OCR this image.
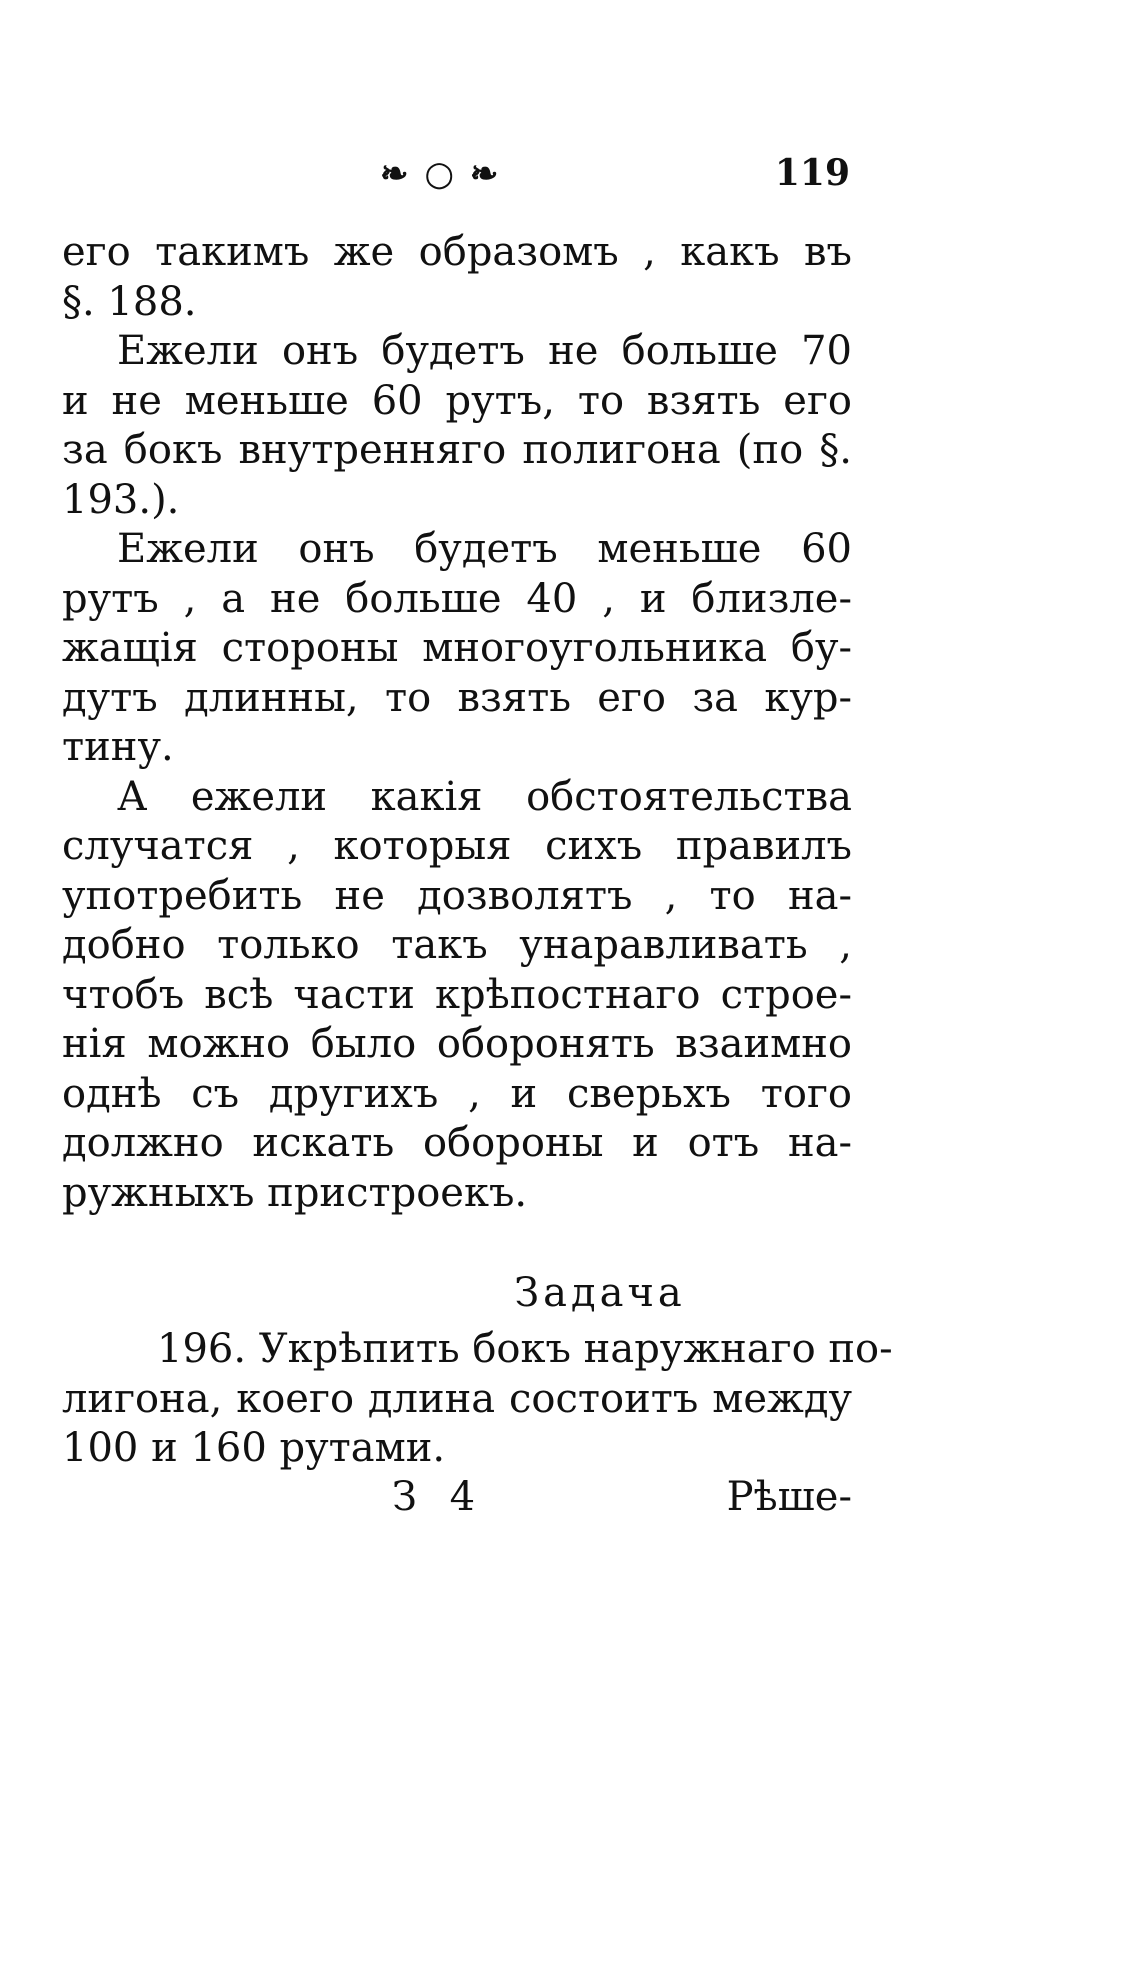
❧ ○ ❧	119
его такимъ же образомъ , какъ въ
§. 188.
Ежели онъ будетъ не больше 70
и не меньше 60 рутъ, то взять его
за бокъ внутренняго полигона (по §.
193.).
Ежели онъ будетъ меньше 60
рутъ , а не больше 40 , и близле-
жащія стороны многоугольника бу-
дутъ длинны, то взять его за кур-
тину.
А ежели какія обстоятельства
случатся , которыя сихъ правилъ
употребить не дозволятъ , то на-
добно только такъ унаравливать ,
чтобъ всѣ части крѣпостнаго строе-
нія можно было оборонять взаимно
однѣ съ другихъ , и сверьхъ того
должно искать обороны и отъ на-
ружныхъ пристроекъ.
Задача
196. Укрѣпить бокъ наружнаго по-
лигона, коего длина состоитъ между
100 и 160 рутами.
З 4	Рѣше-
